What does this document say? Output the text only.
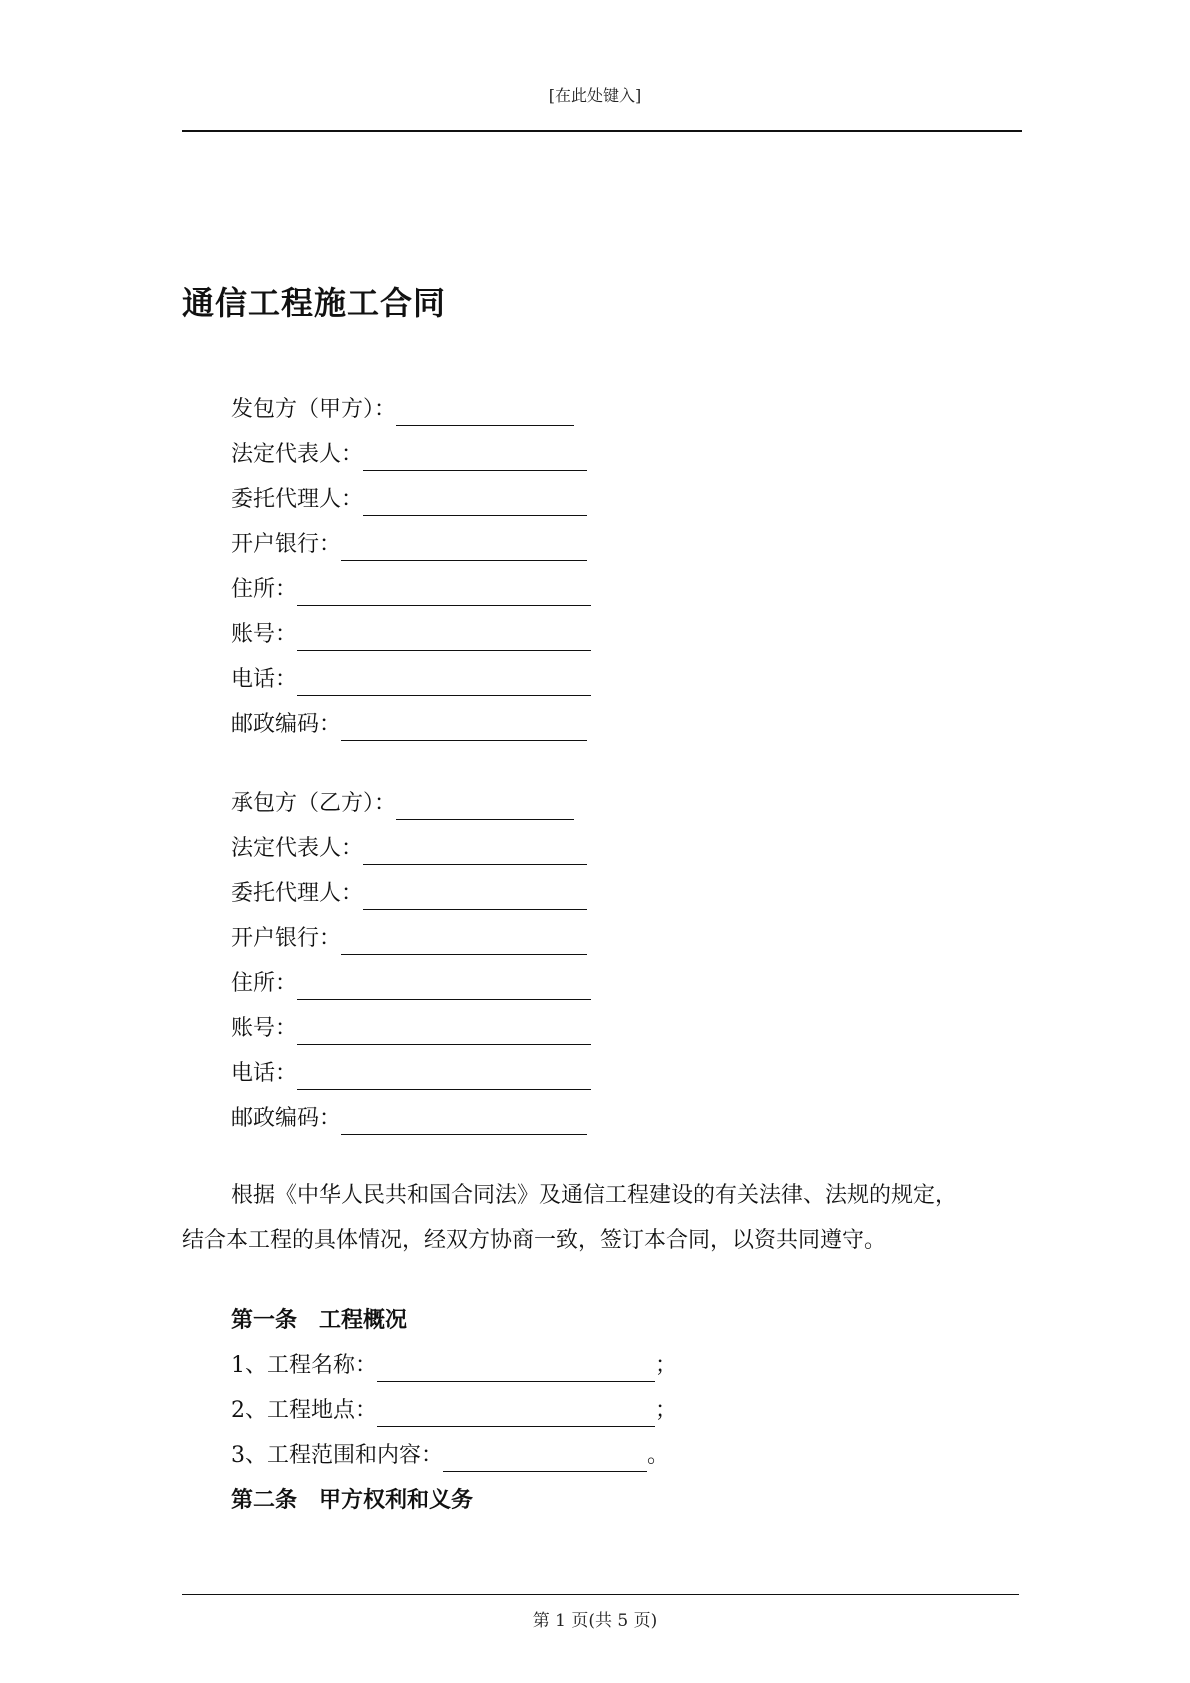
[在此处键入]
通信工程施工合同
发包方（甲方）：
法定代表人：
委托代理人：
开户银行：
住所：
账号：
电话：
邮政编码：
承包方（乙方）：
法定代表人：
委托代理人：
开户银行：
住所：
账号：
电话：
邮政编码：
根据《中华人民共和国合同法》及通信工程建设的有关法律、法规的规定，
结合本工程的具体情况，经双方协商一致，签订本合同，以资共同遵守。
第一条　工程概况
1、工程名称：	；
2、工程地点：	；
3、工程范围和内容：	。
第二条　甲方权利和义务
第 1 页(共 5 页)
